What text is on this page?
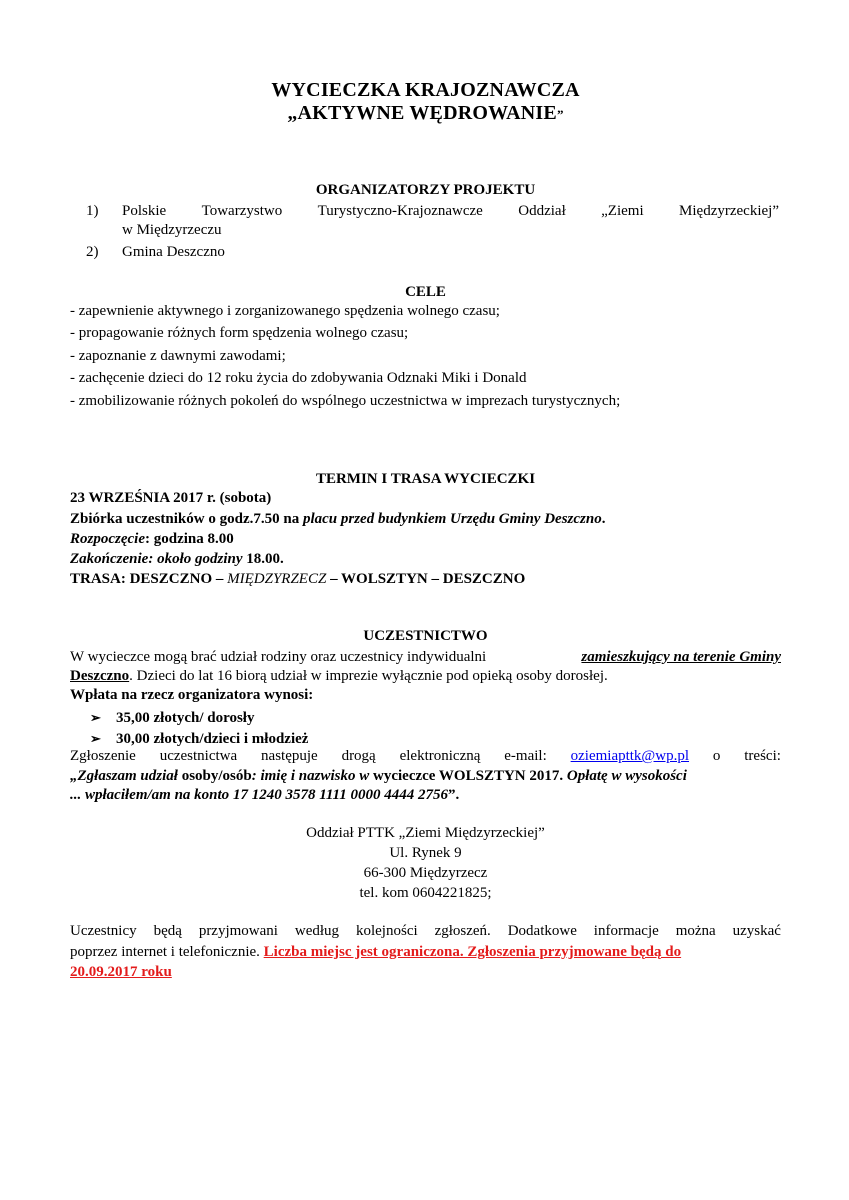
WYCIECZKA KRAJOZNAWCZA
„AKTYWNE WĘDROWANIE”
ORGANIZATORZY PROJEKTU
1) Polskie Towarzystwo Turystyczno-Krajoznawcze Oddział „Ziemi Międzyrzeckiej”
w Międzyrzeczu
2) Gmina Deszczno
CELE
- zapewnienie aktywnego i zorganizowanego spędzenia wolnego czasu;
- propagowanie różnych form spędzenia wolnego czasu;
- zapoznanie z dawnymi zawodami;
- zachęcenie dzieci do 12 roku życia do zdobywania Odznaki Miki i Donald
- zmobilizowanie różnych pokoleń do wspólnego uczestnictwa w imprezach turystycznych;
TERMIN I TRASA WYCIECZKI
23 WRZEŚNIA 2017 r. (sobota)
Zbiórka uczestników o godz.7.50 na placu przed budynkiem Urzędu Gminy Deszczno.
Rozpoczęcie: godzina 8.00
Zakończenie: około godziny 18.00.
TRASA: DESZCZNO – MIĘDZYRZECZ – WOLSZTYN – DESZCZNO
UCZESTNICTWO
W wycieczce mogą brać udział rodziny oraz uczestnicy indywidualni	zamieszkujący na terenie Gminy
Deszczno. Dzieci do lat 16 biorą udział w imprezie wyłącznie pod opieką osoby dorosłej.
Wpłata na rzecz organizatora wynosi:
➢ 35,00 złotych/ dorosły
➢ 30,00 złotych/dzieci i młodzież
Zgłoszenie uczestnictwa następuje drogą elektroniczną e-mail: oziemiapttk@wp.pl o treści:
„Zgłaszam udział osoby/osób: imię i nazwisko w wycieczce WOLSZTYN 2017. Opłatę w wysokości
... wpłaciłem/am na konto 17 1240 3578 1111 0000 4444 2756”.
Oddział PTTK „Ziemi Międzyrzeckiej”
Ul. Rynek 9
66-300 Międzyrzecz
tel. kom 0604221825;
Uczestnicy będą przyjmowani według kolejności zgłoszeń. Dodatkowe informacje można uzyskać
poprzez internet i telefonicznie. Liczba miejsc jest ograniczona. Zgłoszenia przyjmowane będą do
20.09.2017 roku
